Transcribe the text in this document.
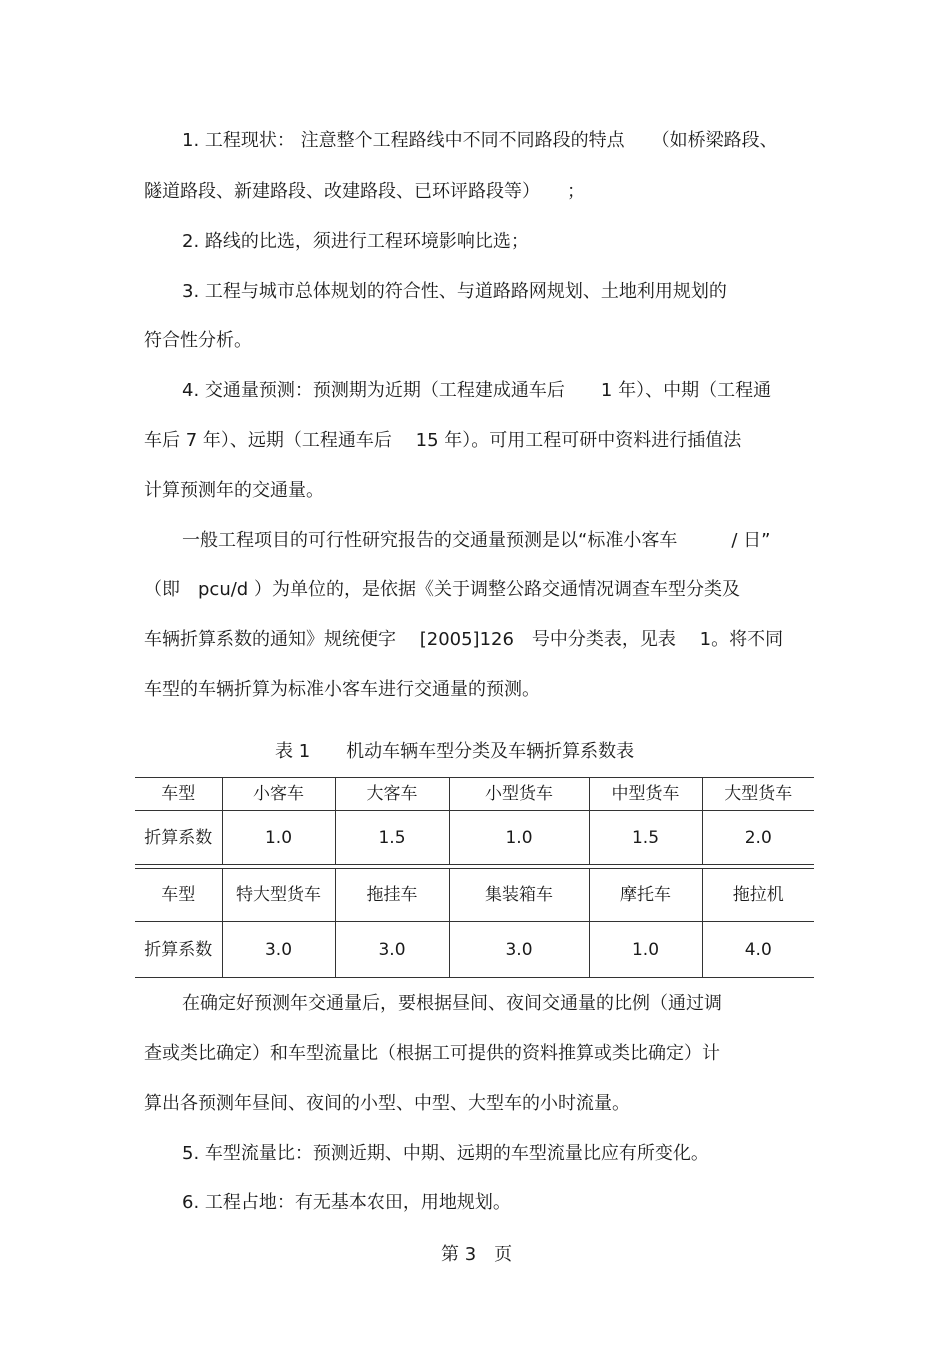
1. 工程现状： 注意整个工程路线中不同不同路段的特点　　（如桥梁路段、
隧道路段、新建路段、改建路段、已环评路段等）　　；
2. 路线的比选，须进行工程环境影响比选；
3. 工程与城市总体规划的符合性、与道路路网规划、土地利用规划的
符合性分析。
4. 交通量预测：预测期为近期（工程建成通车后　　1 年）、中期（工程通
车后 7 年）、远期（工程通车后　 15 年）。可用工程可研中资料进行插值法
计算预测年的交通量。
一般工程项目的可行性研究报告的交通量预测是以“标准小客车　　　/ 日”
（即　pcu/d ）为单位的，是依据《关于调整公路交通情况调查车型分类及
车辆折算系数的通知》规统便字　 [2005]126　号中分类表，见表　 1。将不同
车型的车辆折算为标准小客车进行交通量的预测。
表 1　　机动车辆车型分类及车辆折算系数表
车型	小客车	大客车	小型货车	中型货车	大型货车
折算系数	1.0	1.5	1.0	1.5	2.0
车型	特大型货车	拖挂车	集装箱车	摩托车	拖拉机
折算系数	3.0	3.0	3.0	1.0	4.0
在确定好预测年交通量后，要根据昼间、夜间交通量的比例（通过调
查或类比确定）和车型流量比（根据工可提供的资料推算或类比确定）计
算出各预测年昼间、夜间的小型、中型、大型车的小时流量。
5. 车型流量比：预测近期、中期、远期的车型流量比应有所变化。
6. 工程占地：有无基本农田，用地规划。
第 3　页
